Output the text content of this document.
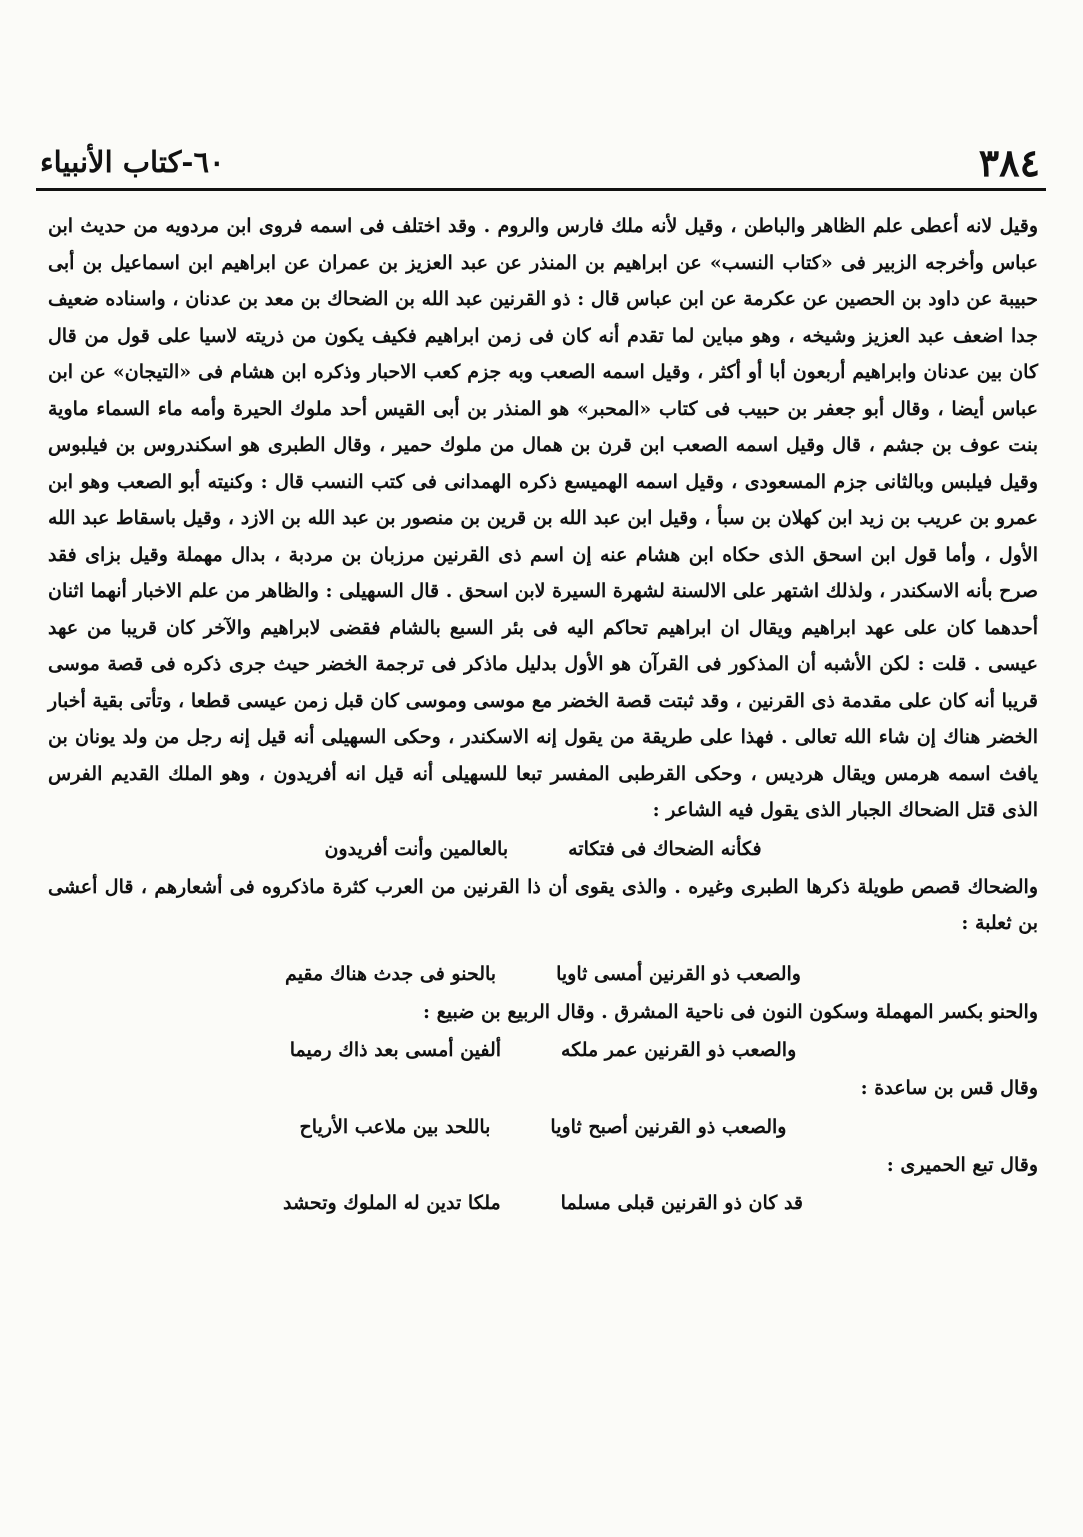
٦٠-كتاب الأنبياء	٣٨٤

وقيل لانه أعطى علم الظاهر والباطن ، وقيل لأنه ملك فارس والروم . وقد اختلف فى اسمه فروى ابن مردويه من حديث ابن عباس وأخرجه الزبير فى «كتاب النسب» عن ابراهيم بن المنذر عن عبد العزيز بن عمران عن ابراهيم ابن اسماعيل بن أبى حبيبة عن داود بن الحصين عن عكرمة عن ابن عباس قال : ذو القرنين عبد الله بن الضحاك بن معد بن عدنان ، واسناده ضعيف جدا اضعف عبد العزيز وشيخه ، وهو مباين لما تقدم أنه كان فى زمن ابراهيم فكيف يكون من ذريته لاسيا على قول من قال كان بين عدنان وابراهيم أربعون أبا أو أكثر ، وقيل اسمه الصعب وبه جزم كعب الاحبار وذكره ابن هشام فى «التيجان» عن ابن عباس أيضا ، وقال أبو جعفر بن حبيب فى كتاب «المحبر» هو المنذر بن أبى القيس أحد ملوك الحيرة وأمه ماء السماء ماوية بنت عوف بن جشم ، قال وقيل اسمه الصعب ابن قرن بن همال من ملوك حمير ، وقال الطبرى هو اسكندروس بن فيلبوس وقيل فيلبس وبالثانى جزم المسعودى ، وقيل اسمه الهميسع ذكره الهمدانى فى كتب النسب قال : وكنيته أبو الصعب وهو ابن عمرو بن عريب بن زيد ابن كهلان بن سبأ ، وقيل ابن عبد الله بن قرين بن منصور بن عبد الله بن الازد ، وقيل باسقاط عبد الله الأول ، وأما قول ابن اسحق الذى حكاه ابن هشام عنه إن اسم ذى القرنين مرزبان بن مردبة ، بدال مهملة وقيل بزاى فقد صرح بأنه الاسكندر ، ولذلك اشتهر على الالسنة لشهرة السيرة لابن اسحق . قال السهيلى : والظاهر من علم الاخبار أنهما اثنان أحدهما كان على عهد ابراهيم ويقال ان ابراهيم تحاكم اليه فى بئر السبع بالشام فقضى لابراهيم والآخر كان قريبا من عهد عيسى . قلت : لكن الأشبه أن المذكور فى القرآن هو الأول بدليل ماذكر فى ترجمة الخضر حيث جرى ذكره فى قصة موسى قريبا أنه كان على مقدمة ذى القرنين ، وقد ثبتت قصة الخضر مع موسى وموسى كان قبل زمن عيسى قطعا ، وتأتى بقية أخبار الخضر هناك إن شاء الله تعالى . فهذا على طريقة من يقول إنه الاسكندر ، وحكى السهيلى أنه قيل إنه رجل من ولد يونان بن يافث اسمه هرمس ويقال هرديس ، وحكى القرطبى المفسر تبعا للسهيلى أنه قيل انه أفريدون ، وهو الملك القديم الفرس الذى قتل الضحاك الجبار الذى يقول فيه الشاعر :

فكأنه الضحاك فى فتكاته
بالعالمين وأنت أفريدون

والضحاك قصص طويلة ذكرها الطبرى وغيره . والذى يقوى أن ذا القرنين من العرب كثرة ماذكروه فى أشعارهم ، قال أعشى بن ثعلبة :

والصعب ذو القرنين أمسى ثاويا
بالحنو فى جدث هناك مقيم

والحنو بكسر المهملة وسكون النون فى ناحية المشرق . وقال الربيع بن ضبيع :

والصعب ذو القرنين عمر ملكه
ألفين أمسى بعد ذاك رميما

وقال قس بن ساعدة :

والصعب ذو القرنين أصبح ثاويا
باللحد بين ملاعب الأرياح

وقال تبع الحميرى :

قد كان ذو القرنين قبلى مسلما
ملكا تدين له الملوك وتحشد
